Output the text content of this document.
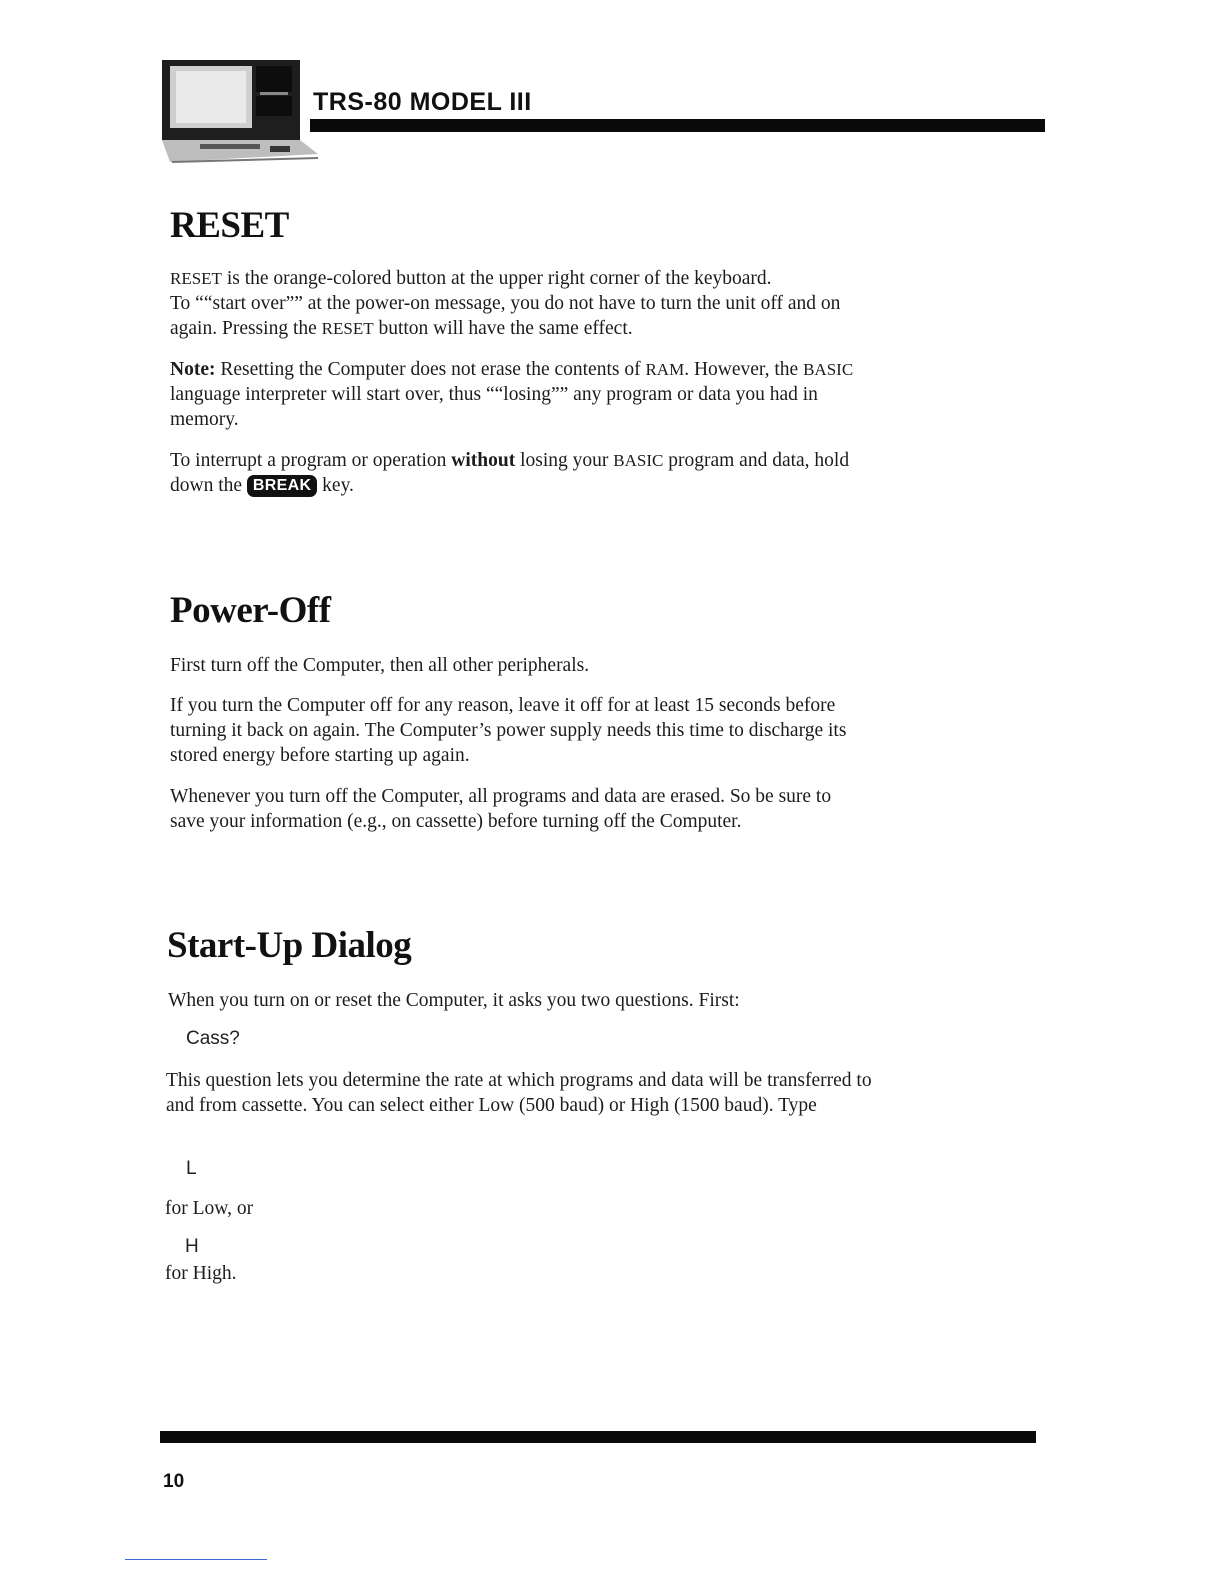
TRS-80 MODEL III
RESET

RESET is the orange-colored button at the upper right corner of the keyboard.

To ““start over”” at the power-on message, you do not have to turn the unit off and on again. Pressing the RESET button will have the same effect.

Note: Resetting the Computer does not erase the contents of RAM. However, the BASIC language interpreter will start over, thus ““losing”” any program or data you had in memory.

To interrupt a program or operation without losing your BASIC program and data, hold down the BREAK key.

Power-Off

First turn off the Computer, then all other peripherals.

If you turn the Computer off for any reason, leave it off for at least 15 seconds before turning it back on again. The Computer’s power supply needs this time to discharge its stored energy before starting up again.

Whenever you turn off the Computer, all programs and data are erased. So be sure to save your information (e.g., on cassette) before turning off the Computer.

Start-Up Dialog

When you turn on or reset the Computer, it asks you two questions. First:

Cass?

This question lets you determine the rate at which programs and data will be transferred to and from cassette. You can select either Low (500 baud) or High (1500 baud). Type

L

for Low, or

H

for High.

10
